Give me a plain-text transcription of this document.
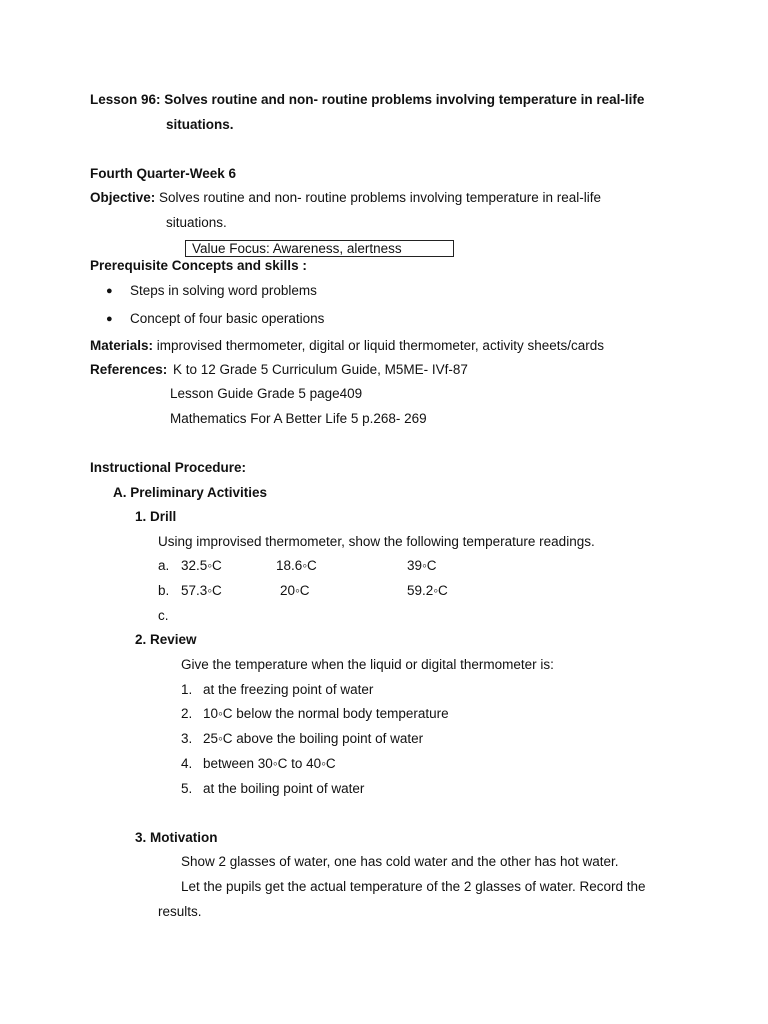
Lesson 96: Solves routine and non- routine problems involving temperature in real-life
situations.
Fourth Quarter-Week 6
Objective: Solves routine and non- routine problems involving temperature in real-life
situations.
Value Focus: Awareness, alertness
Prerequisite Concepts and skills :
● Steps in solving word problems
● Concept of four basic operations
Materials: improvised thermometer, digital or liquid thermometer, activity sheets/cards
References: K to 12 Grade 5 Curriculum Guide, M5ME- IVf-87
Lesson Guide Grade 5 page409
Mathematics For A Better Life 5 p.268- 269
Instructional Procedure:
A. Preliminary Activities
1. Drill
Using improvised thermometer, show the following temperature readings.
a. 32.5◦C	18.6◦C	39◦C
b. 57.3◦C	20◦C	59.2◦C
c.
2. Review
Give the temperature when the liquid or digital thermometer is:
1. at the freezing point of water
2. 10◦C below the normal body temperature
3. 25◦C above the boiling point of water
4. between 30◦C to 40◦C
5. at the boiling point of water
3. Motivation
Show 2 glasses of water, one has cold water and the other has hot water.
Let the pupils get the actual temperature of the 2 glasses of water. Record the
results.
